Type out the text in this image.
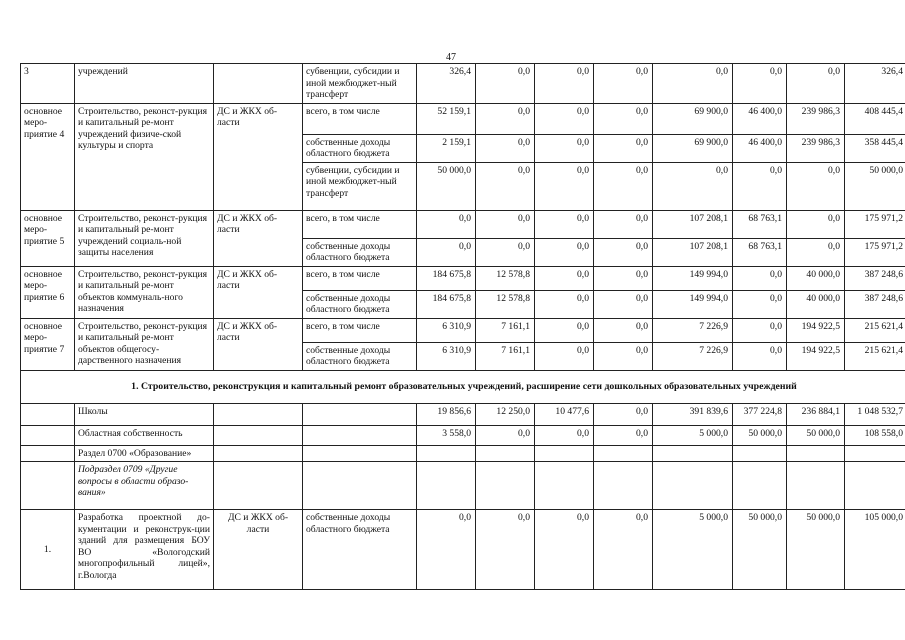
47
3	учреждений		субвенции, субсидии и иной межбюджет-ный трансферт	326,4	0,0	0,0	0,0	0,0	0,0	0,0	326,4
основное меро-приятие 4	Строительство, реконст-рукция и капитальный ре-монт учреждений физиче-ской культуры и спорта	ДС и ЖКХ об-ласти	всего, в том числе	52 159,1	0,0	0,0	0,0	69 900,0	46 400,0	239 986,3	408 445,4
			собственные доходы областного бюджета	2 159,1	0,0	0,0	0,0	69 900,0	46 400,0	239 986,3	358 445,4
			субвенции, субсидии и иной межбюджет-ный трансферт	50 000,0	0,0	0,0	0,0	0,0	0,0	0,0	50 000,0
основное меро-приятие 5	Строительство, реконст-рукция и капитальный ре-монт учреждений социаль-ной защиты населения	ДС и ЖКХ об-ласти	всего, в том числе	0,0	0,0	0,0	0,0	107 208,1	68 763,1	0,0	175 971,2
			собственные доходы областного бюджета	0,0	0,0	0,0	0,0	107 208,1	68 763,1	0,0	175 971,2
основное меро-приятие 6	Строительство, реконст-рукция и капитальный ре-монт объектов коммуналь-ного назначения	ДС и ЖКХ об-ласти	всего, в том числе	184 675,8	12 578,8	0,0	0,0	149 994,0	0,0	40 000,0	387 248,6
			собственные доходы областного бюджета	184 675,8	12 578,8	0,0	0,0	149 994,0	0,0	40 000,0	387 248,6
основное меро-приятие 7	Строительство, реконст-рукция и капитальный ре-монт объектов общегосу-дарственного назначения	ДС и ЖКХ об-ласти	всего, в том числе	6 310,9	7 161,1	0,0	0,0	7 226,9	0,0	194 922,5	215 621,4
			собственные доходы областного бюджета	6 310,9	7 161,1	0,0	0,0	7 226,9	0,0	194 922,5	215 621,4
1. Строительство, реконструкция и капитальный ремонт образовательных учреждений, расширение сети дошкольных образовательных учреждений											
	Школы			19 856,6	12 250,0	10 477,6	0,0	391 839,6	377 224,8	236 884,1	1 048 532,7
	Областная собственность			3 558,0	0,0	0,0	0,0	5 000,0	50 000,0	50 000,0	108 558,0
	Раздел 0700 «Образование»										
	Подраздел 0709 «Другие вопросы в области образо-вания»										
1.	Разработка проектной до-кументации и реконструк-ции зданий для размещения БОУ ВО «Вологодский многопрофильный лицей», г.Вологда	ДС и ЖКХ об-ласти	собственные доходы областного бюджета	0,0	0,0	0,0	0,0	5 000,0	50 000,0	50 000,0	105 000,0
